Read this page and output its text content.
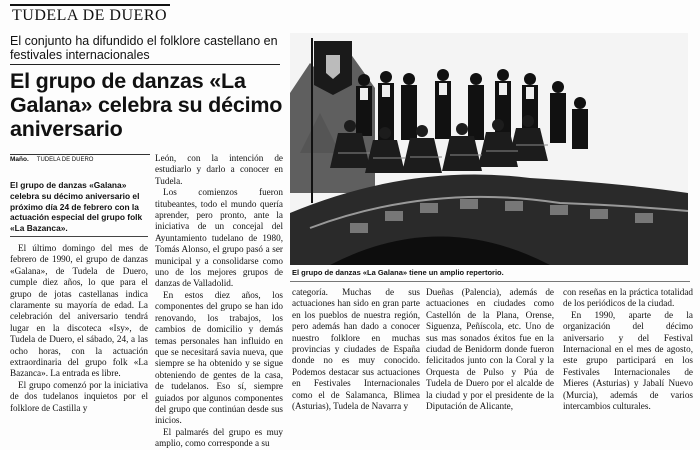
TUDELA DE DUERO
El conjunto ha difundido el folklore castellano en festivales internacionales
El grupo de danzas «La Galana» celebra su décimo aniversario
Maño. TUDELA DE DUERO
El grupo de danzas «Galana» celebra su décimo aniversario el próximo día 24 de febrero con la actuación especial del grupo folk «La Bazanca».

El último domingo del mes de febrero de 1990, el grupo de danzas «Galana», de Tudela de Duero, cumple diez años, lo que para el grupo de jotas castellanas indica claramente su mayoría de edad. La celebración del aniversario tendrá lugar en la discoteca «Isy», de Tudela de Duero, el sábado, 24, a las ocho horas, con la actuación extraordinaria del grupo folk «La Bazanca». La entrada es libre.

El grupo comenzó por la iniciativa de dos tudelanos inquietos por el folklore de Castilla y

León, con la intención de estudiarlo y darlo a conocer en Tudela.

Los comienzos fueron titubeantes, todo el mundo quería aprender, pero pronto, ante la iniciativa de un concejal del Ayuntamiento tudelano de 1980, Tomás Alonso, el grupo pasó a ser municipal y a consolidarse como uno de los mejores grupos de danzas de Valladolid.

En estos diez años, los componentes del grupo se han ido renovando, los trabajos, los cambios de domicilio y demás temas personales han influido en que se necesitará savia nueva, que siempre se ha obtenido y se sigue obteniendo de gentes de la casa, de tudelanos. Eso sí, siempre guiados por algunos componentes del grupo que continúan desde sus inicios.

El palmarés del grupo es muy amplio, como corresponde a su

categoría. Muchas de sus actuaciones han sido en gran parte en los pueblos de nuestra región, pero además han dado a conocer nuestro folklore en muchas provincias y ciudades de España donde no es muy conocido. Podemos destacar sus actuaciones en Festivales Internacionales como el de Salamanca, Blimea (Asturias), Tudela de Navarra y

Dueñas (Palencia), además de actuaciones en ciudades como Castellón de la Plana, Orense, Siguenza, Peñíscola, etc. Uno de sus mas sonados éxitos fue en la ciudad de Benidorm donde fueron felicitados junto con la Coral y la Orquesta de Pulso y Púa de Tudela de Duero por el alcalde de la ciudad y por el presidente de la Diputación de Alicante,

con reseñas en la práctica totalidad de los periódicos de la ciudad.

En 1990, aparte de la organización del décimo aniversario y del Festival Internacional en el mes de agosto, este grupo participará en los Festivales Internacionales de Mieres (Asturias) y Jabalí Nuevo (Murcia), además de varios intercambios culturales.

El grupo de danzas «La Galana» tiene un amplio repertorio.
